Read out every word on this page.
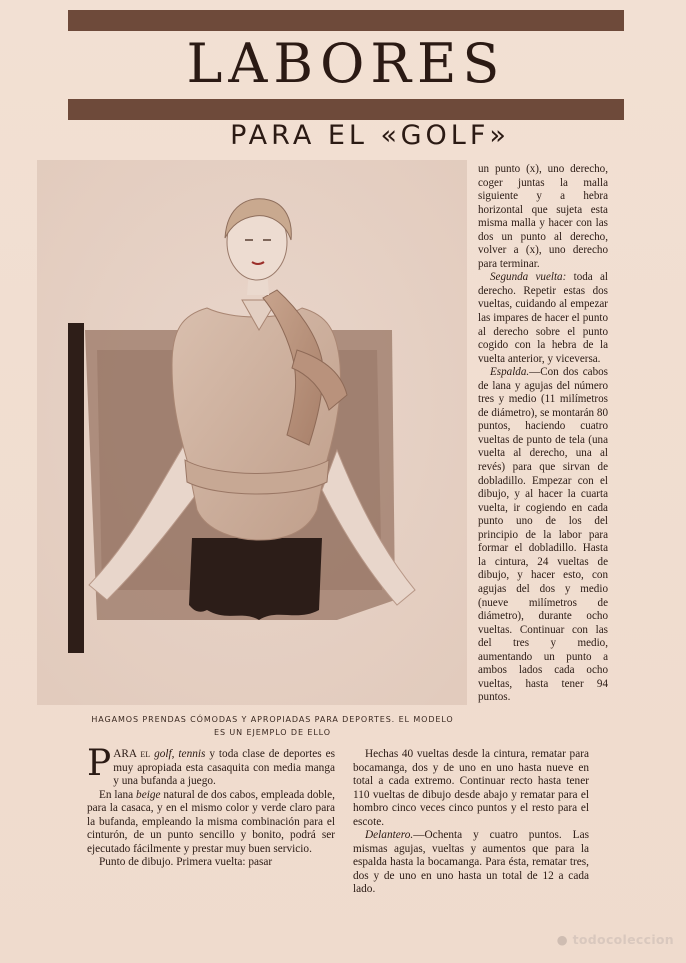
LABORES
PARA EL «GOLF»
HAGAMOS PRENDAS CÓMODAS Y APROPIADAS PARA DEPORTES. EL MODELO
ES UN EJEMPLO DE ELLO

un punto (x), uno derecho, coger juntas la malla siguiente y a hebra horizontal que sujeta esta misma malla y hacer con las dos un punto al derecho, volver a (x), uno derecho para terminar.

Segunda vuelta: toda al derecho. Repetir estas dos vueltas, cuidando al empezar las impares de hacer el punto al derecho sobre el punto cogido con la hebra de la vuelta anterior, y viceversa.

Espalda.—Con dos cabos de lana y agujas del número tres y medio (11 milímetros de diámetro), se montarán 80 puntos, haciendo cuatro vueltas de punto de tela (una vuelta al derecho, una al revés) para que sirvan de dobladillo. Empezar con el dibujo, y al hacer la cuarta vuelta, ir cogiendo en cada punto uno de los del principio de la labor para formar el dobladillo. Hasta la cintura, 24 vueltas de dibujo, y hacer esto, con agujas del dos y medio (nueve milímetros de diámetro), durante ocho vueltas. Continuar con las del tres y medio, aumentando un punto a ambos lados cada ocho vueltas, hasta tener 94 puntos.

PARA el golf, tennis y toda clase de deportes es muy apropiada esta casaquita con media manga y una bufanda a juego.

En lana beige natural de dos cabos, empleada doble, para la casaca, y en el mismo color y verde claro para la bufanda, empleando la misma combinación para el cinturón, de un punto sencillo y bonito, podrá ser ejecutado fácilmente y prestar muy buen servicio.

Punto de dibujo. Primera vuelta: pasar

Hechas 40 vueltas desde la cintura, rematar para bocamanga, dos y de uno en uno hasta nueve en total a cada extremo. Continuar recto hasta tener 110 vueltas de dibujo desde abajo y rematar para el hombro cinco veces cinco puntos y el resto para el escote.

Delantero.—Ochenta y cuatro puntos. Las mismas agujas, vueltas y aumentos que para la espalda hasta la bocamanga. Para ésta, rematar tres, dos y de uno en uno hasta un total de 12 a cada lado.

● todocoleccion
